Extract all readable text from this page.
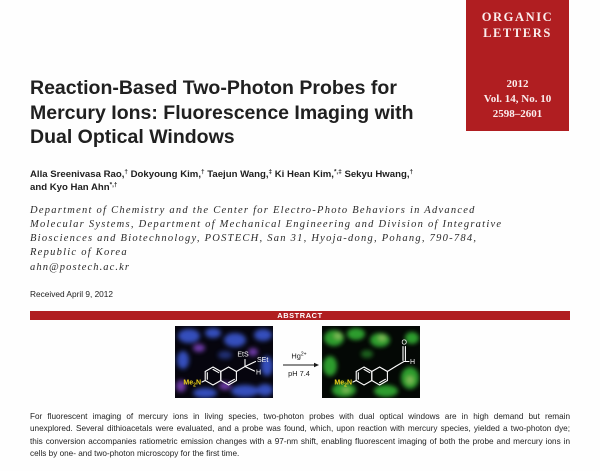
ORGANIC
LETTERS
2012
Vol. 14, No. 10
2598–2601
Reaction-Based Two-Photon Probes for
Mercury Ions: Fluorescence Imaging with
Dual Optical Windows
Alla Sreenivasa Rao,† Dokyoung Kim,† Taejun Wang,‡ Ki Hean Kim,*,‡ Sekyu Hwang,†
and Kyo Han Ahn*,†
Department of Chemistry and the Center for Electro-Photo Behaviors in Advanced
Molecular Systems, Department of Mechanical Engineering and Division of Integrative
Biosciences and Biotechnology, POSTECH, San 31, Hyoja-dong, Pohang, 790-784,
Republic of Korea
ahn@postech.ac.kr
Received April 9, 2012
ABSTRACT
EtS
SEt
H
$Me_2N$
$Hg^{2+}$
pH 7.4
O
H
$Me_2N$
For fluorescent imaging of mercury ions in living species, two-photon probes with dual optical windows are in high demand but remain
unexplored. Several dithioacetals were evaluated, and a probe was found, which, upon reaction with mercury species, yielded a two-photon dye;
this conversion accompanies ratiometric emission changes with a 97-nm shift, enabling fluorescent imaging of both the probe and mercury ions in
cells by one- and two-photon microscopy for the first time.
